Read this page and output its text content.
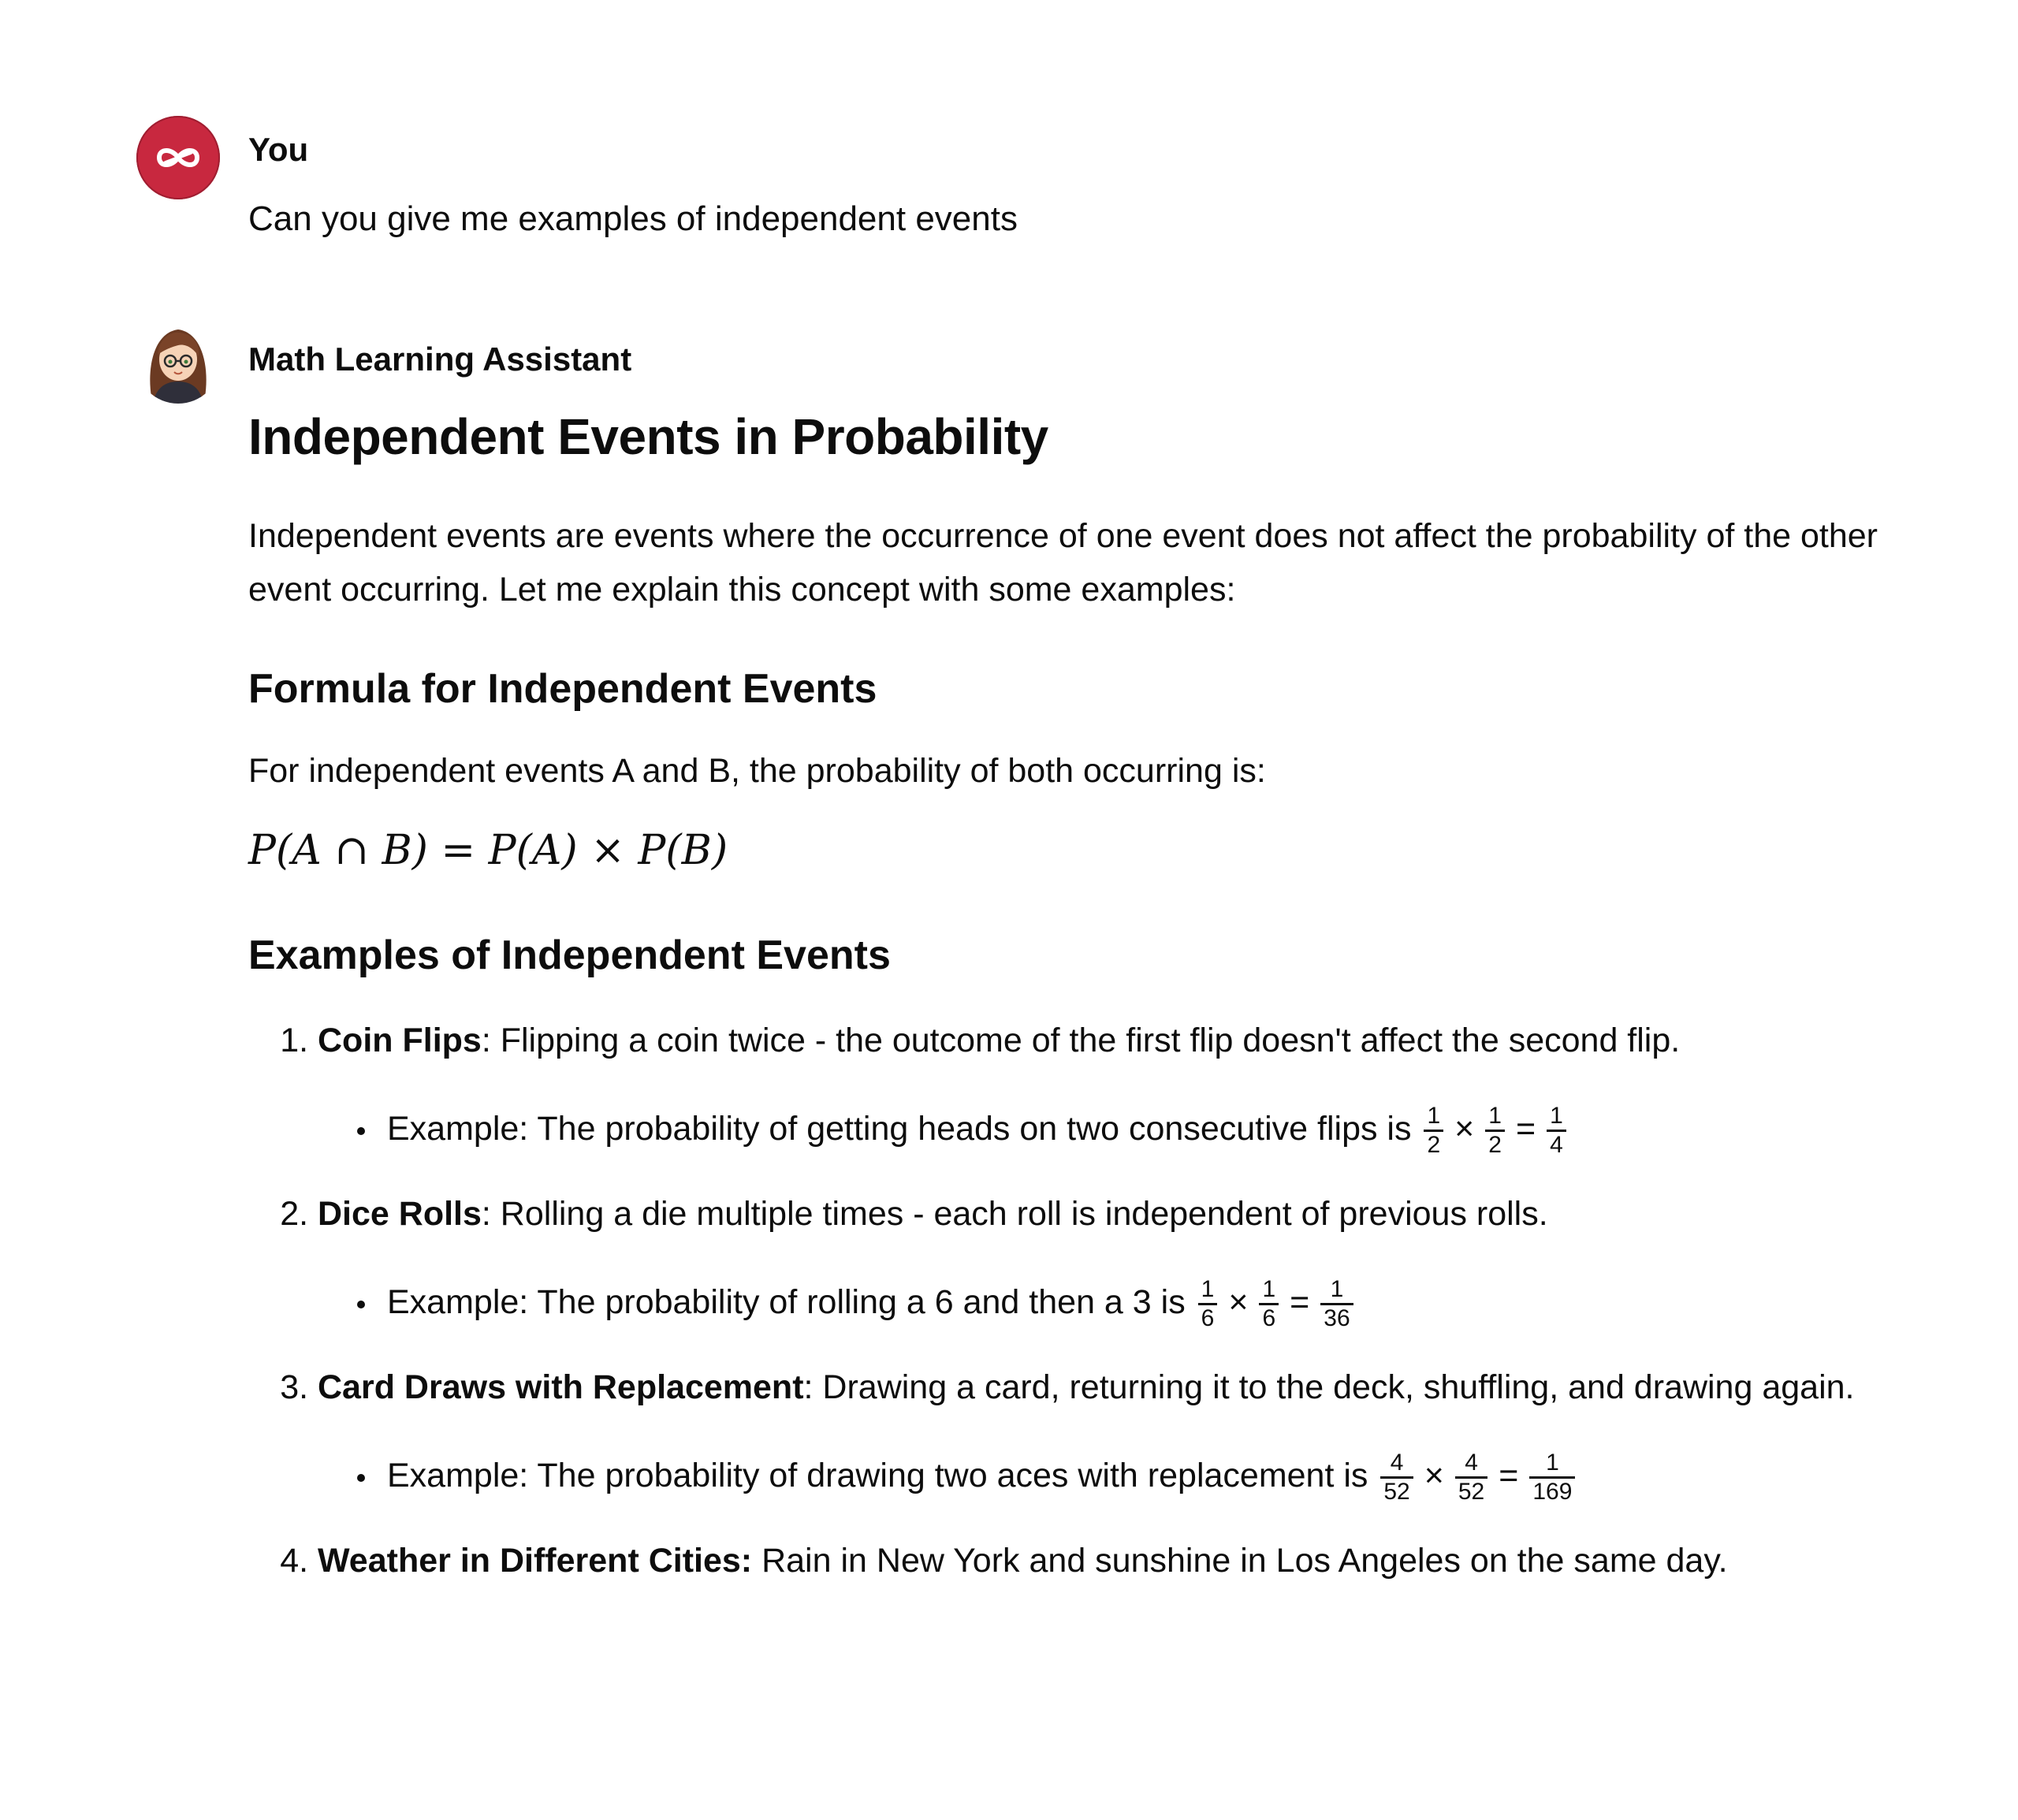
You

Can you give me examples of independent events

Math Learning Assistant

Independent Events in Probability

Independent events are events where the occurrence of one event does not affect the probability of the other event occurring. Let me explain this concept with some examples:

Formula for Independent Events

For independent events A and B, the probability of both occurring is:

P(A ∩ B) = P(A) × P(B)
Examples of Independent Events
1. Coin Flips: Flipping a coin twice - the outcome of the first flip doesn't affect the second flip.
Example: The probability of getting heads on two consecutive flips is $\frac{1}{2} \times \frac{1}{2} = \frac{1}{4}$
2. Dice Rolls: Rolling a die multiple times - each roll is independent of previous rolls.
Example: The probability of rolling a 6 and then a 3 is $\frac{1}{6} \times \frac{1}{6} = \frac{1}{36}$
3. Card Draws with Replacement: Drawing a card, returning it to the deck, shuffling, and drawing again.
Example: The probability of drawing two aces with replacement is $\frac{4}{52} \times \frac{4}{52} = \frac{1}{169}$
4. Weather in Different Cities: Rain in New York and sunshine in Los Angeles on the same day.
